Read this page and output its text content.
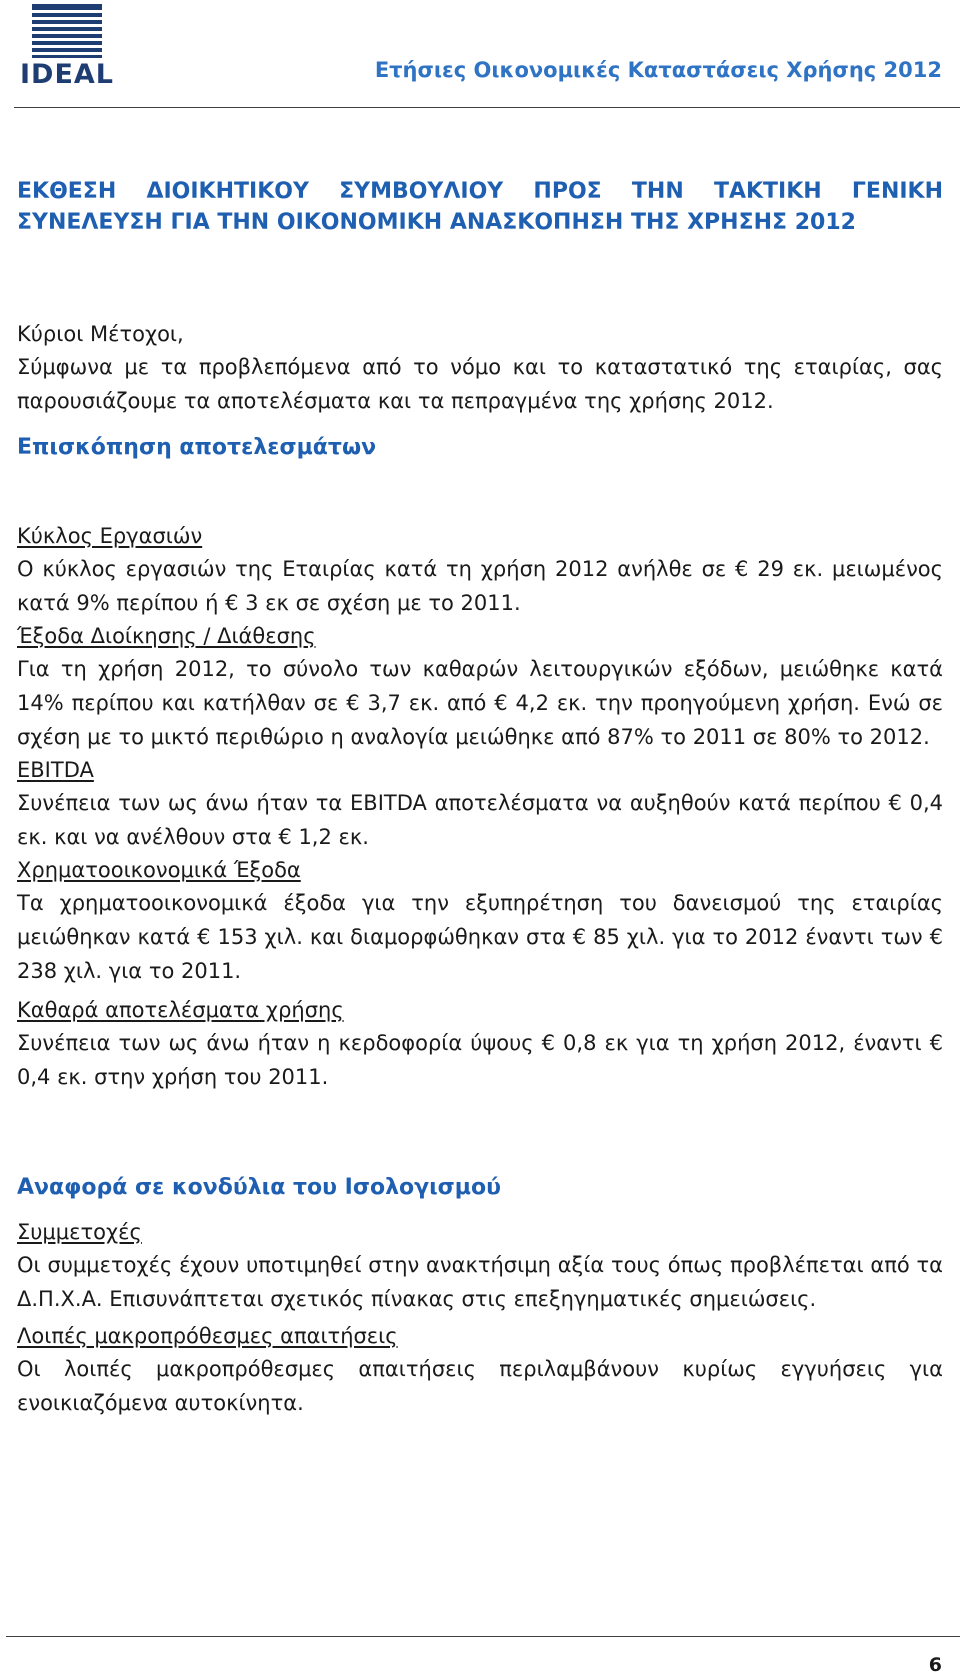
IDEAL	Ετήσιες Οικονομικές Καταστάσεις Χρήσης 2012
ΕΚΘΕΣΗ ΔΙΟΙΚΗΤΙΚΟΥ ΣΥΜΒΟΥΛΙΟΥ ΠΡΟΣ ΤΗΝ ΤΑΚΤΙΚΗ ΓΕΝΙΚΗ ΣΥΝΕΛΕΥΣΗ ΓΙΑ ΤΗΝ ΟΙΚΟΝΟΜΙΚΗ ΑΝΑΣΚΟΠΗΣΗ ΤΗΣ ΧΡΗΣΗΣ 2012

Κύριοι Μέτοχοι,

Σύμφωνα με τα προβλεπόμενα από το νόμο και το καταστατικό της εταιρίας, σας παρουσιάζουμε τα αποτελέσματα και τα πεπραγμένα της χρήσης 2012.

Επισκόπηση αποτελεσμάτων
Κύκλος Εργασιών

Ο κύκλος εργασιών της Εταιρίας κατά τη χρήση 2012 ανήλθε σε € 29 εκ. μειωμένος κατά 9% περίπου ή € 3 εκ σε σχέση με το 2011.

Έξοδα Διοίκησης / Διάθεσης

Για τη χρήση 2012, το σύνολο των καθαρών λειτουργικών εξόδων, μειώθηκε κατά 14% περίπου και κατήλθαν σε € 3,7 εκ. από € 4,2 εκ. την προηγούμενη χρήση. Ενώ σε σχέση με το μικτό περιθώριο η αναλογία μειώθηκε από 87% το 2011 σε 80% το 2012.

EBITDA

Συνέπεια των ως άνω ήταν τα EBITDA αποτελέσματα να αυξηθούν κατά περίπου € 0,4 εκ. και να ανέλθουν στα € 1,2 εκ.

Χρηματοοικονομικά Έξοδα

Τα χρηματοοικονομικά έξοδα για την εξυπηρέτηση του δανεισμού της εταιρίας μειώθηκαν κατά € 153 χιλ. και διαμορφώθηκαν στα € 85 χιλ. για το 2012 έναντι των € 238 χιλ. για το 2011.

Καθαρά αποτελέσματα χρήσης

Συνέπεια των ως άνω ήταν η κερδοφορία ύψους € 0,8 εκ για τη χρήση 2012, έναντι € 0,4 εκ. στην χρήση του 2011.

Αναφορά σε κονδύλια του Ισολογισμού
Συμμετοχές

Οι συμμετοχές έχουν υποτιμηθεί στην ανακτήσιμη αξία τους όπως προβλέπεται από τα Δ.Π.Χ.Α. Επισυνάπτεται σχετικός πίνακας στις επεξηγηματικές σημειώσεις.

Λοιπές μακροπρόθεσμες απαιτήσεις

Οι λοιπές μακροπρόθεσμες απαιτήσεις περιλαμβάνουν κυρίως εγγυήσεις για ενοικιαζόμενα αυτοκίνητα.

6
